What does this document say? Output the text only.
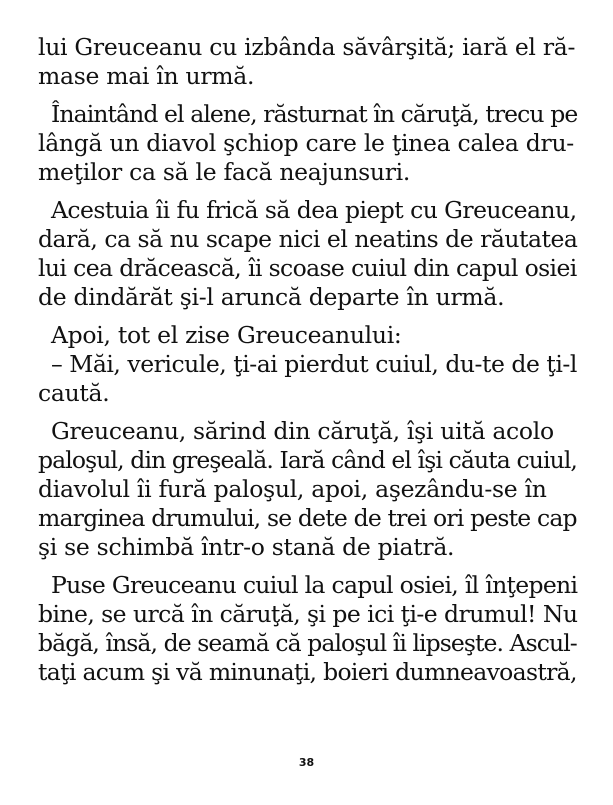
lui Greuceanu cu izbânda săvârşită; iară el ră-
mase mai în urmă.
Înaintând el alene, răsturnat în căruţă, trecu pe
lângă un diavol şchiop care le ţinea calea dru-
meţilor ca să le facă neajunsuri.
Acestuia îi fu frică să dea piept cu Greuceanu,
dară, ca să nu scape nici el neatins de răutatea
lui cea drăcească, îi scoase cuiul din capul osiei
de dindărăt şi-l aruncă departe în urmă.
Apoi, tot el zise Greuceanului:
– Măi, vericule, ţi-ai pierdut cuiul, du-te de ţi-l
caută.
Greuceanu, sărind din căruţă, îşi uită acolo
paloşul, din greşeală. Iară când el îşi căuta cuiul,
diavolul îi fură paloşul, apoi, aşezându-se în
marginea drumului, se dete de trei ori peste cap
şi se schimbă într-o stană de piatră.
Puse Greuceanu cuiul la capul osiei, îl înţepeni
bine, se urcă în căruţă, şi pe ici ţi-e drumul! Nu
băgă, însă, de seamă că paloşul îi lipseşte. Ascul-
taţi acum şi vă minunaţi, boieri dumneavoastră,
38
